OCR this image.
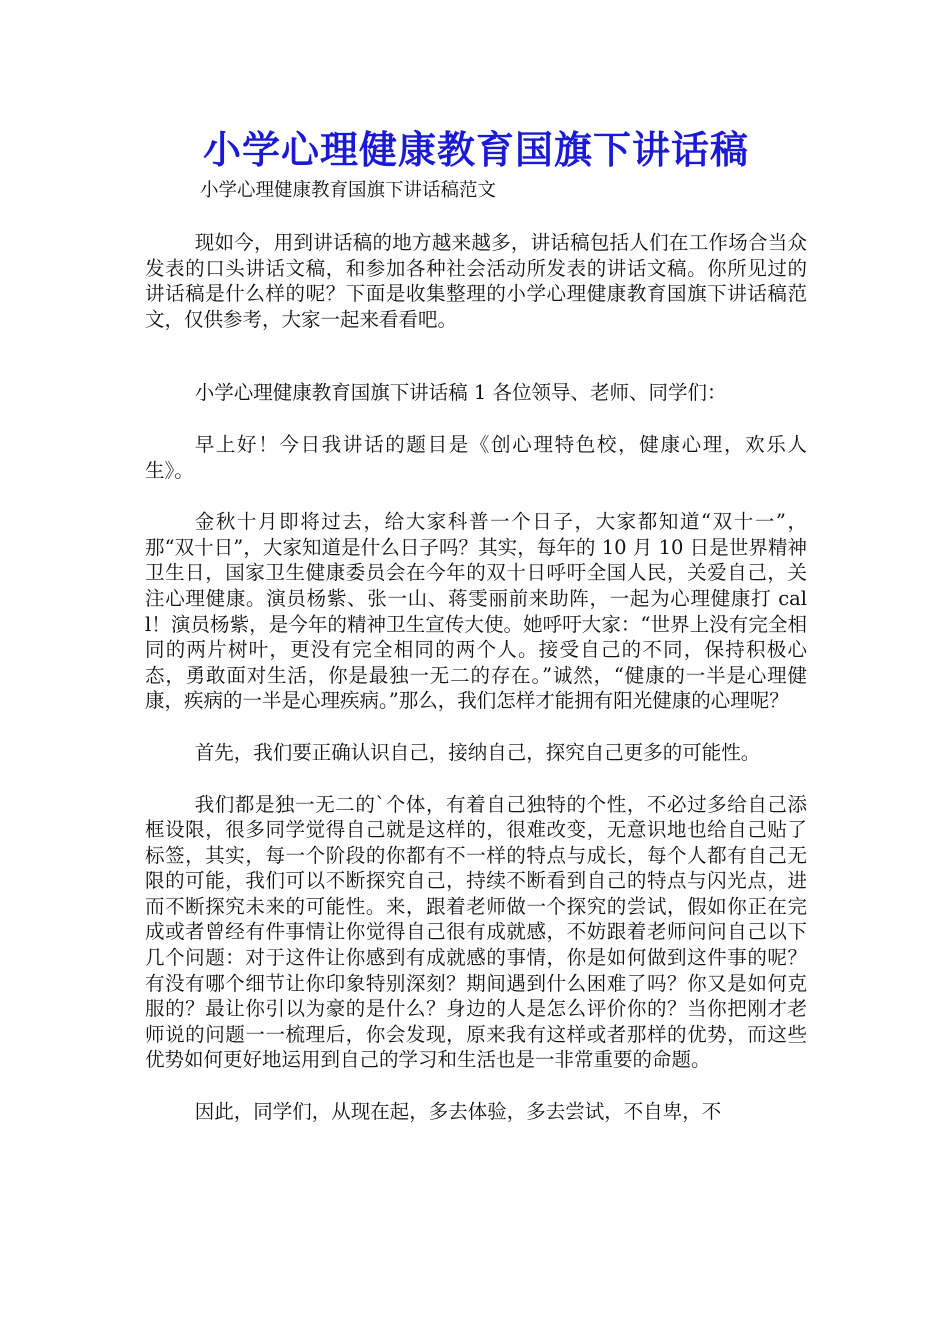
小学心理健康教育国旗下讲话稿

小学心理健康教育国旗下讲话稿范文

现如今，用到讲话稿的地方越来越多，讲话稿包括人们在工作场合当众发表的口头讲话文稿，和参加各种社会活动所发表的讲话文稿。你所见过的讲话稿是什么样的呢？下面是收集整理的小学心理健康教育国旗下讲话稿范文，仅供参考，大家一起来看看吧。

小学心理健康教育国旗下讲话稿 1 各位领导、老师、同学们：

早上好！今日我讲话的题目是《创心理特色校，健康心理，欢乐人生》。

金秋十月即将过去，给大家科普一个日子，大家都知道“双十一”，那“双十日”，大家知道是什么日子吗？其实，每年的 10 月 10 日是世界精神卫生日，国家卫生健康委员会在今年的双十日呼吁全国人民，关爱自己，关注心理健康。演员杨紫、张一山、蒋雯丽前来助阵，一起为心理健康打 call！演员杨紫，是今年的精神卫生宣传大使。她呼吁大家：“世界上没有完全相同的两片树叶，更没有完全相同的两个人。接受自己的不同，保持积极心态，勇敢面对生活，你是最独一无二的存在。”诚然，“健康的一半是心理健康，疾病的一半是心理疾病。”那么，我们怎样才能拥有阳光健康的心理呢？

首先，我们要正确认识自己，接纳自己，探究自己更多的可能性。

我们都是独一无二的`个体，有着自己独特的个性，不必过多给自己添框设限，很多同学觉得自己就是这样的，很难改变，无意识地也给自己贴了标签，其实，每一个阶段的你都有不一样的特点与成长，每个人都有自己无限的可能，我们可以不断探究自己，持续不断看到自己的特点与闪光点，进而不断探究未来的可能性。来，跟着老师做一个探究的尝试，假如你正在完成或者曾经有件事情让你觉得自己很有成就感，不妨跟着老师问问自己以下几个问题：对于这件让你感到有成就感的事情，你是如何做到这件事的呢？有没有哪个细节让你印象特别深刻？期间遇到什么困难了吗？你又是如何克服的？最让你引以为豪的是什么？身边的人是怎么评价你的？当你把刚才老师说的问题一一梳理后，你会发现，原来我有这样或者那样的优势，而这些优势如何更好地运用到自己的学习和生活也是一非常重要的命题。

因此，同学们，从现在起，多去体验，多去尝试，不自卑，不
